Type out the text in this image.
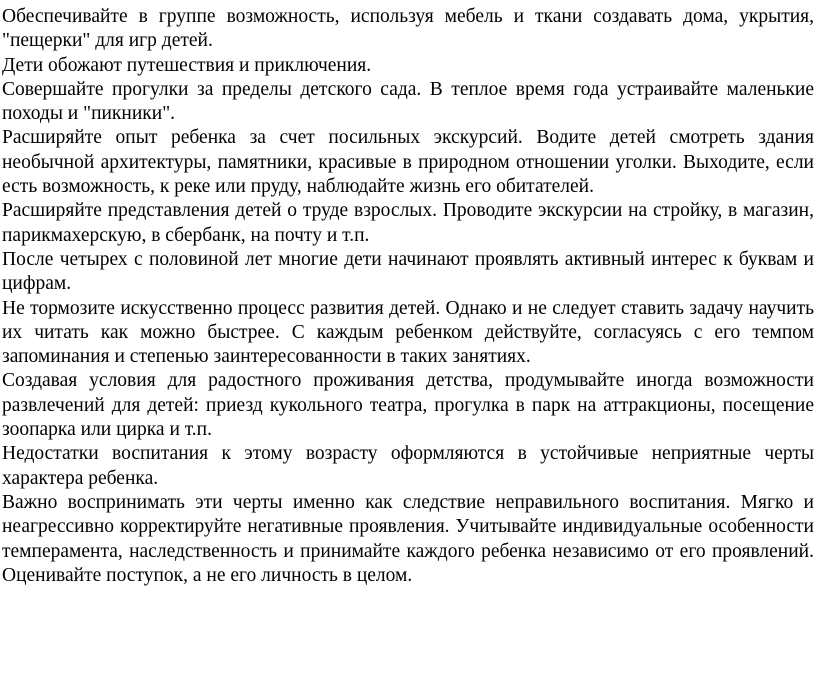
Обеспечивайте в группе возможность, используя мебель и ткани создавать дома, укрытия, "пещерки" для игр детей.

Дети обожают путешествия и приключения.

Совершайте прогулки за пределы детского сада. В теплое время года устраивайте маленькие походы и "пикники".

Расширяйте опыт ребенка за счет посильных экскурсий. Водите детей смотреть здания необычной архитектуры, памятники, красивые в природном отношении уголки. Выходите, если есть возможность, к реке или пруду, наблюдайте жизнь его обитателей.

Расширяйте представления детей о труде взрослых. Проводите экскурсии на стройку, в магазин, парикмахерскую, в сбербанк, на почту и т.п.

После четырех с половиной лет многие дети начинают проявлять активный интерес к буквам и цифрам.

Не тормозите искусственно процесс развития детей. Однако и не следует ставить задачу научить их читать как можно быстрее. С каждым ребенком действуйте, согласуясь с его темпом запоминания и степенью заинтересованности в таких занятиях.

Создавая условия для радостного проживания детства, продумывайте иногда возможности развлечений для детей: приезд кукольного театра, прогулка в парк на аттракционы, посещение зоопарка или цирка и т.п.

Недостатки воспитания к этому возрасту оформляются в устойчивые неприятные черты характера ребенка.

Важно воспринимать эти черты именно как следствие неправильного воспитания. Мягко и неагрессивно корректируйте негативные проявления. Учитывайте индивидуальные особенности темперамента, наследственность и принимайте каждого ребенка независимо от его проявлений. Оценивайте поступок, а не его личность в целом.
